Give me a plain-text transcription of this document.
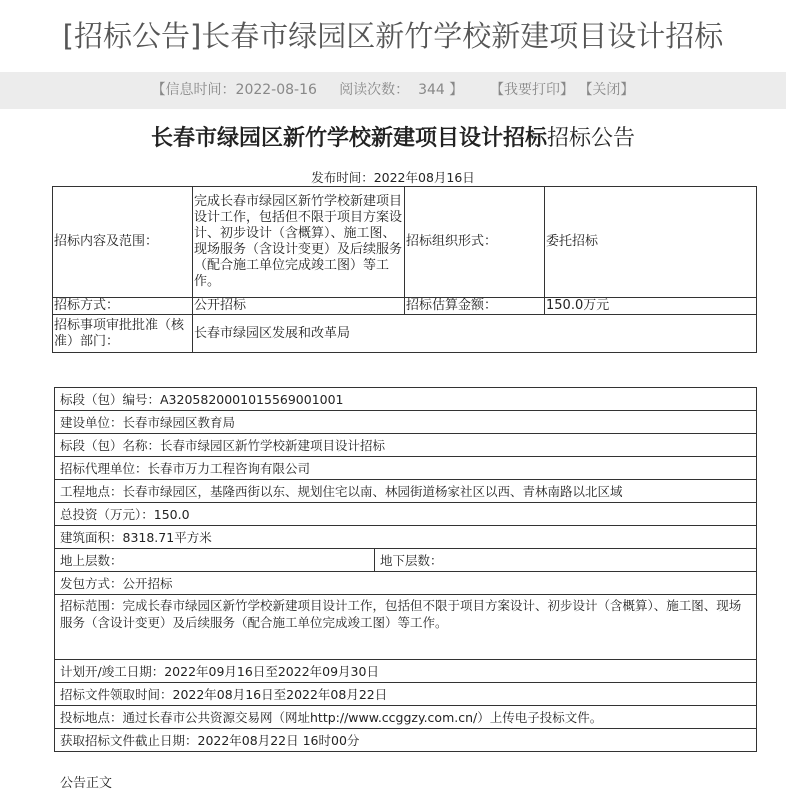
[招标公告]长春市绿园区新竹学校新建项目设计招标
【信息时间：2022-08-16 阅读次数：  344 】 【我要打印】 【关闭】
长春市绿园区新竹学校新建项目设计招标招标公告
发布时间：2022年08月16日
招标内容及范围：	完成长春市绿园区新竹学校新建项目设计工作，包括但不限于项目方案设计、初步设计（含概算）、施工图、现场服务（含设计变更）及后续服务（配合施工单位完成竣工图）等工作。	招标组织形式：	委托招标
招标方式：	公开招标	招标估算金额：	150.0万元
招标事项审批批准（核准）部门：	长春市绿园区发展和改革局		
标段（包）编号：A3205820001015569001001
建设单位：长春市绿园区教育局
标段（包）名称：长春市绿园区新竹学校新建项目设计招标
招标代理单位：长春市万力工程咨询有限公司
工程地点：长春市绿园区，基隆西街以东、规划住宅以南、林园街道杨家社区以西、青林南路以北区域
总投资（万元）：150.0
建筑面积：8318.71平方米
地上层数：	地下层数：
发包方式：公开招标
招标范围：完成长春市绿园区新竹学校新建项目设计工作，包括但不限于项目方案设计、初步设计（含概算）、施工图、现场服务（含设计变更）及后续服务（配合施工单位完成竣工图）等工作。
计划开/竣工日期：2022年09月16日至2022年09月30日
招标文件领取时间：2022年08月16日至2022年08月22日
投标地点：通过长春市公共资源交易网（网址http://www.ccggzy.com.cn/）上传电子投标文件。
获取招标文件截止日期：2022年08月22日 16时00分
公告正文
